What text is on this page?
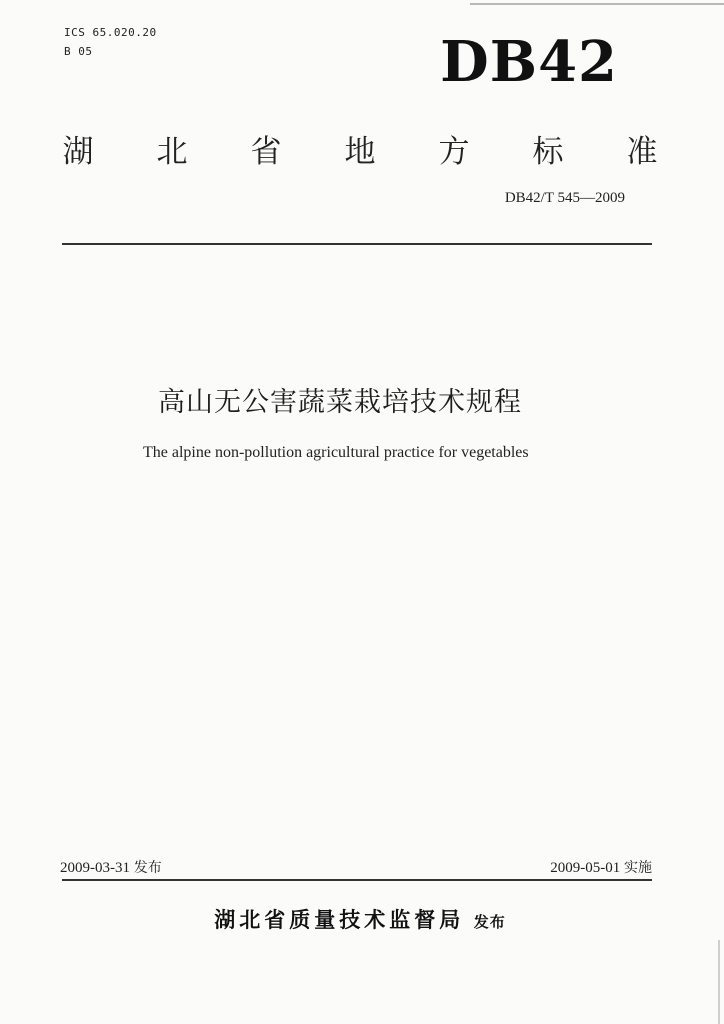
ICS 65.020.20
B 05	DB42
湖 北 省 地 方 标 准
DB42/T 545—2009
高山无公害蔬菜栽培技术规程
The alpine non-pollution agricultural practice for vegetables
2009-03-31 发布	2009-05-01 实施
湖北省质量技术监督局 发布
